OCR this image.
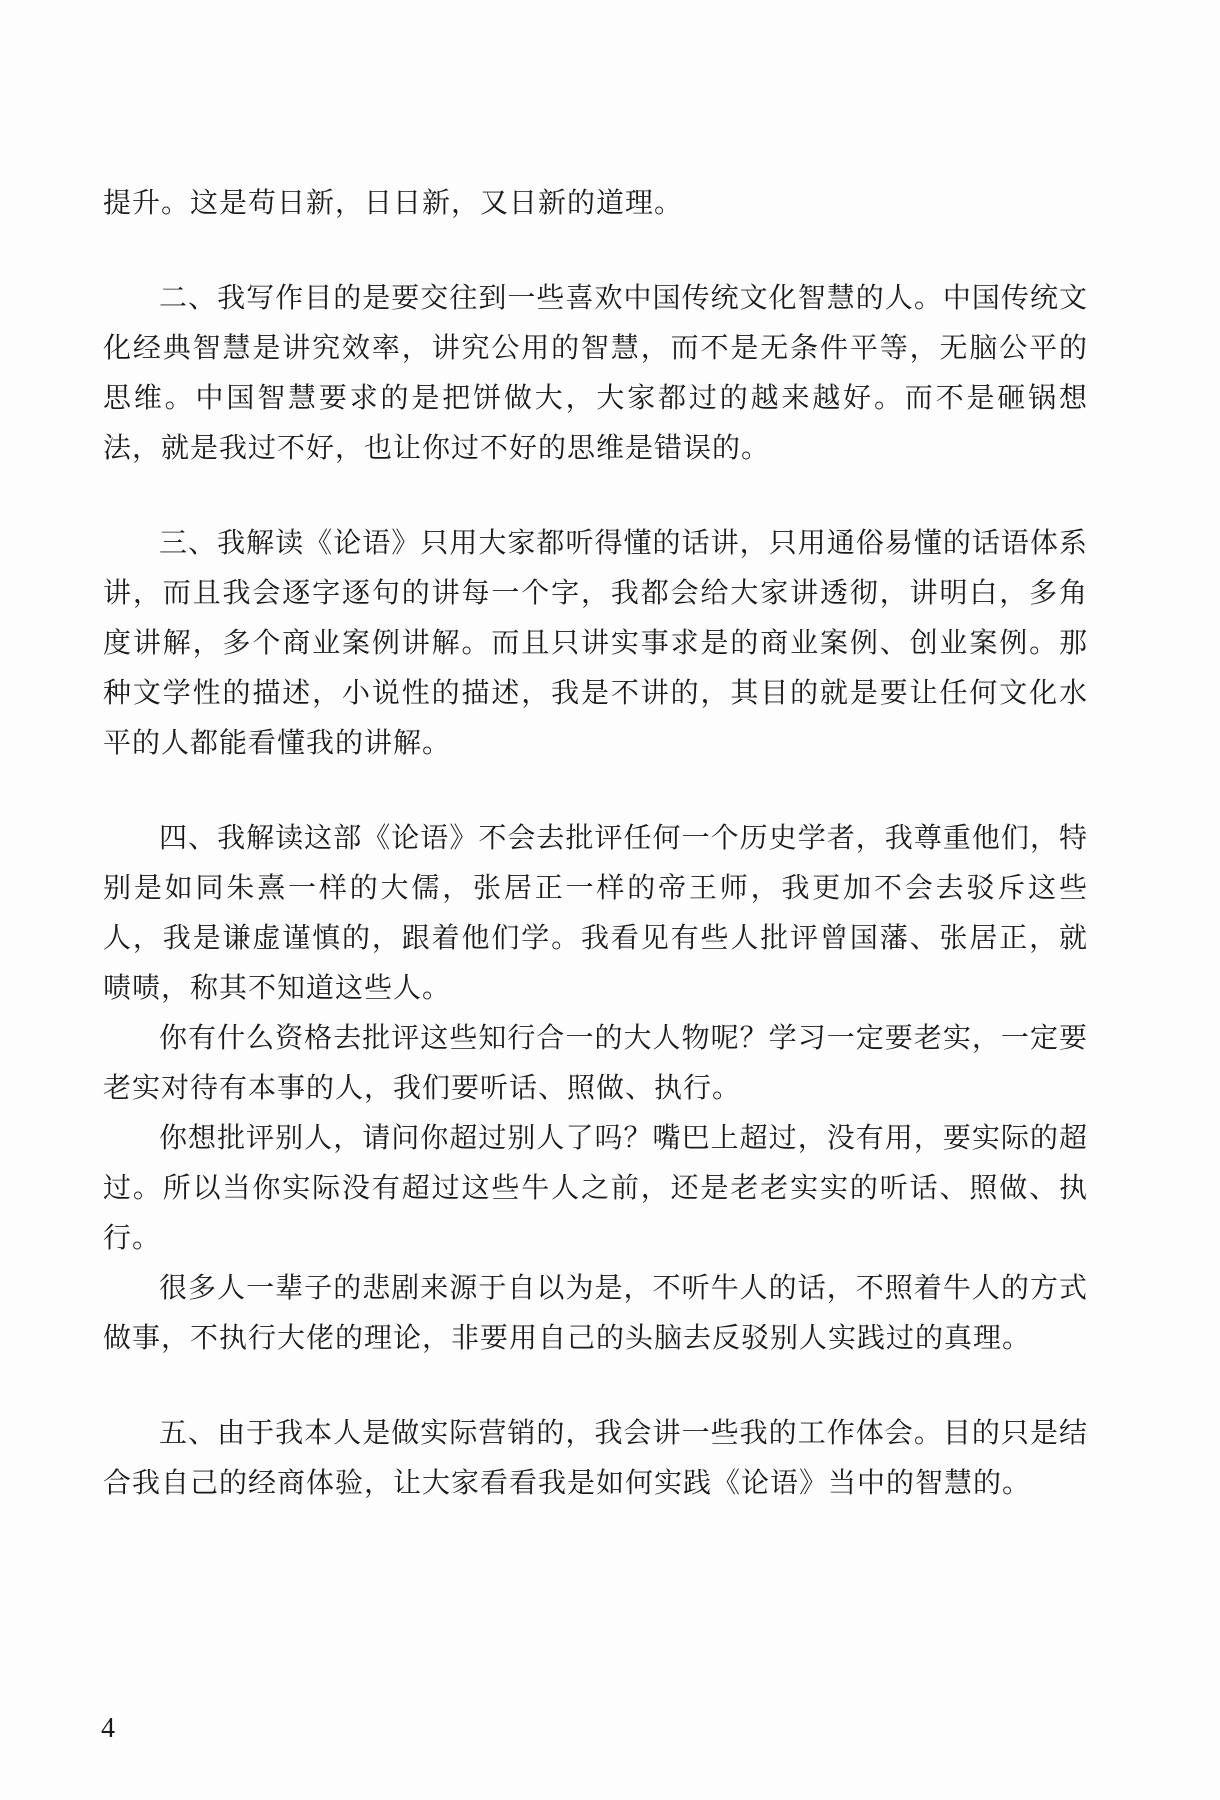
提升。这是苟日新，日日新，又日新的道理。

二、我写作目的是要交往到一些喜欢中国传统文化智慧的人。中国传统文化经典智慧是讲究效率，讲究公用的智慧，而不是无条件平等，无脑公平的思维。中国智慧要求的是把饼做大，大家都过的越来越好。而不是砸锅想法，就是我过不好，也让你过不好的思维是错误的。

三、我解读《论语》只用大家都听得懂的话讲，只用通俗易懂的话语体系讲，而且我会逐字逐句的讲每一个字，我都会给大家讲透彻，讲明白，多角度讲解，多个商业案例讲解。而且只讲实事求是的商业案例、创业案例。那种文学性的描述，小说性的描述，我是不讲的，其目的就是要让任何文化水平的人都能看懂我的讲解。

四、我解读这部《论语》不会去批评任何一个历史学者，我尊重他们，特别是如同朱熹一样的大儒，张居正一样的帝王师，我更加不会去驳斥这些人，我是谦虚谨慎的，跟着他们学。我看见有些人批评曾国藩、张居正，就啧啧，称其不知道这些人。

你有什么资格去批评这些知行合一的大人物呢？学习一定要老实，一定要老实对待有本事的人，我们要听话、照做、执行。

你想批评别人，请问你超过别人了吗？嘴巴上超过，没有用，要实际的超过。所以当你实际没有超过这些牛人之前，还是老老实实的听话、照做、执行。

很多人一辈子的悲剧来源于自以为是，不听牛人的话，不照着牛人的方式做事，不执行大佬的理论，非要用自己的头脑去反驳别人实践过的真理。

五、由于我本人是做实际营销的，我会讲一些我的工作体会。目的只是结合我自己的经商体验，让大家看看我是如何实践《论语》当中的智慧的。

4
